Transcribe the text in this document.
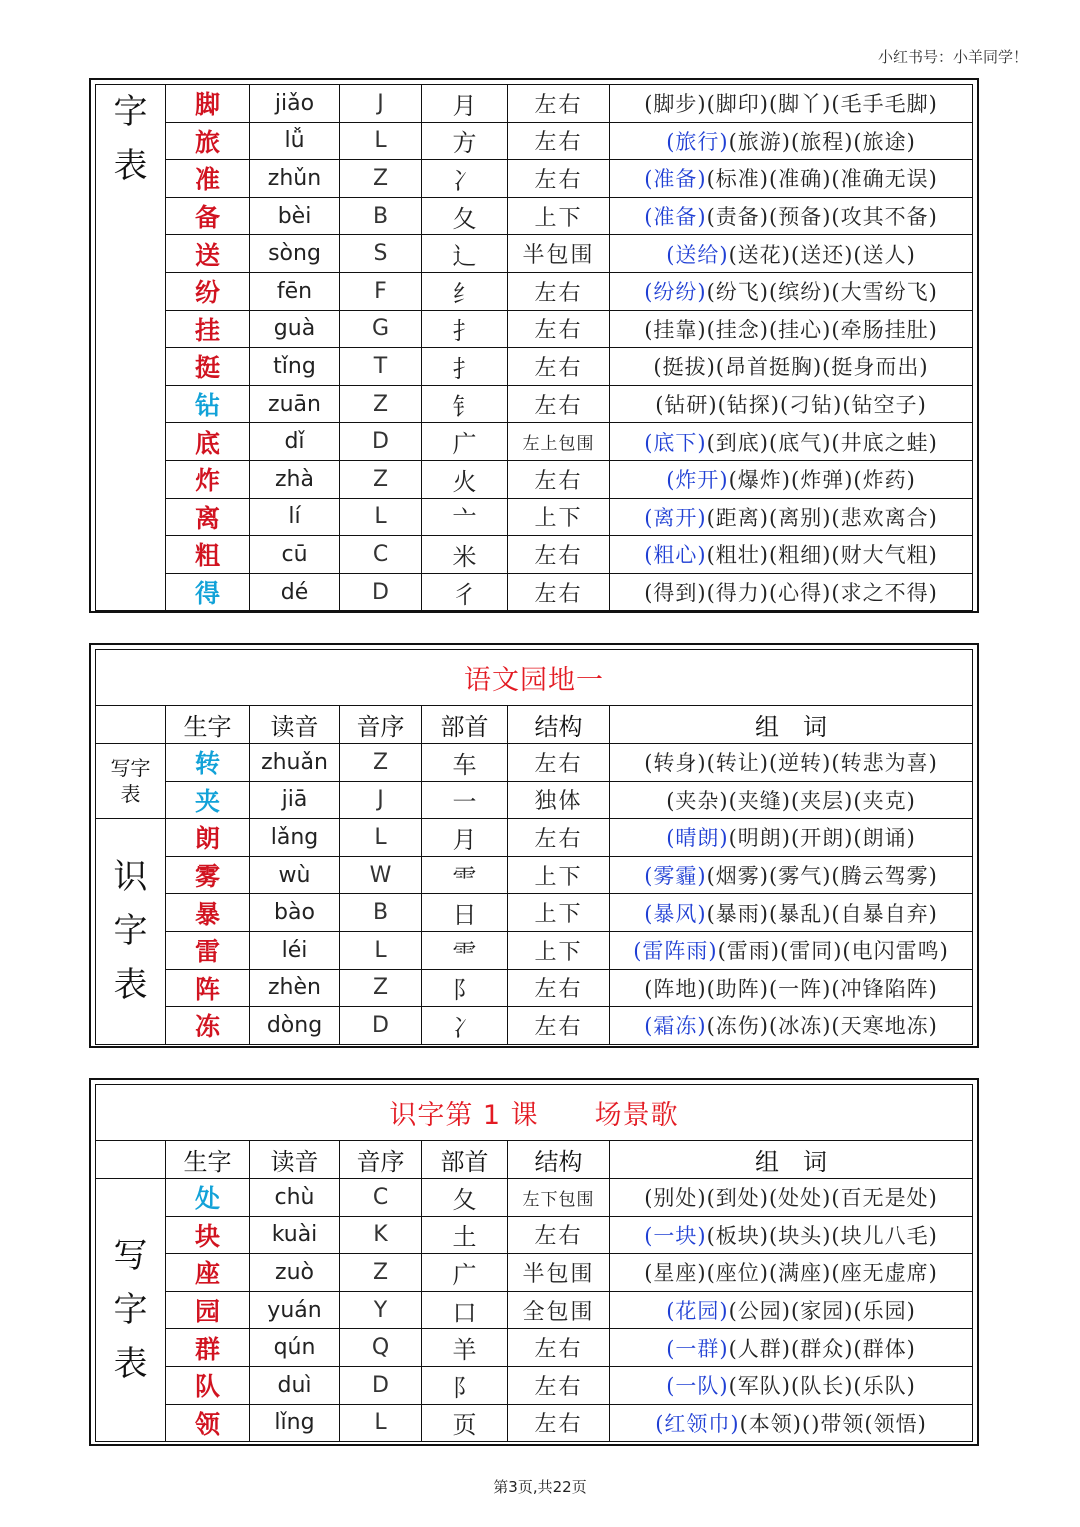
小红书号：小羊同学！
字
表	脚	jiǎo	J	月	左右	(脚步)(脚印)(脚丫)(毛手毛脚)
	旅	lǚ	L	方	左右	(旅行)(旅游)(旅程)(旅途)
	准	zhǔn	Z	冫	左右	(准备)(标准)(准确)(准确无误)
	备	bèi	B	夂	上下	(准备)(责备)(预备)(攻其不备)
	送	sòng	S	辶	半包围	(送给)(送花)(送还)(送人)
	纷	fēn	F	纟	左右	(纷纷)(纷飞)(缤纷)(大雪纷飞)
	挂	guà	G	扌	左右	(挂靠)(挂念)(挂心)(牵肠挂肚)
	挺	tǐng	T	扌	左右	(挺拔)(昂首挺胸)(挺身而出)
	钻	zuān	Z	钅	左右	(钻研)(钻探)(刁钻)(钻空子)
	底	dǐ	D	广	左上包围	(底下)(到底)(底气)(井底之蛙)
	炸	zhà	Z	火	左右	(炸开)(爆炸)(炸弹)(炸药)
	离	lí	L	亠	上下	(离开)(距离)(离别)(悲欢离合)
	粗	cū	C	米	左右	(粗心)(粗壮)(粗细)(财大气粗)
	得	dé	D	彳	左右	(得到)(得力)(心得)(求之不得)
语文园地一						
	生字	读音	音序	部首	结构	组　词

写字
表	转	zhuǎn	Z	车	左右	(转身)(转让)(逆转)(转悲为喜)
	夹	jiā	J	一	独体	(夹杂)(夹缝)(夹层)(夹克)

识
字
表	朗	lǎng	L	月	左右	(晴朗)(明朗)(开朗)(朗诵)
	雾	wù	W	⻗	上下	(雾霾)(烟雾)(雾气)(腾云驾雾)
	暴	bào	B	日	上下	(暴风)(暴雨)(暴乱)(自暴自弃)
	雷	léi	L	⻗	上下	(雷阵雨)(雷雨)(雷同)(电闪雷鸣)
	阵	zhèn	Z	阝	左右	(阵地)(助阵)(一阵)(冲锋陷阵)
	冻	dòng	D	冫	左右	(霜冻)(冻伤)(冰冻)(天寒地冻)
识字第 1 课　　场景歌						
	生字	读音	音序	部首	结构	组　词

写
字
表	处	chù	C	夂	左下包围	(别处)(到处)(处处)(百无是处)
	块	kuài	K	土	左右	(一块)(板块)(块头)(块儿八毛)
	座	zuò	Z	广	半包围	(星座)(座位)(满座)(座无虚席)
	园	yuán	Y	口	全包围	(花园)(公园)(家园)(乐园)
	群	qún	Q	羊	左右	(一群)(人群)(群众)(群体)
	队	duì	D	阝	左右	(一队)(军队)(队长)(乐队)
	领	lǐng	L	页	左右	(红领巾)(本领)()带领(领悟)
第3页,共22页
